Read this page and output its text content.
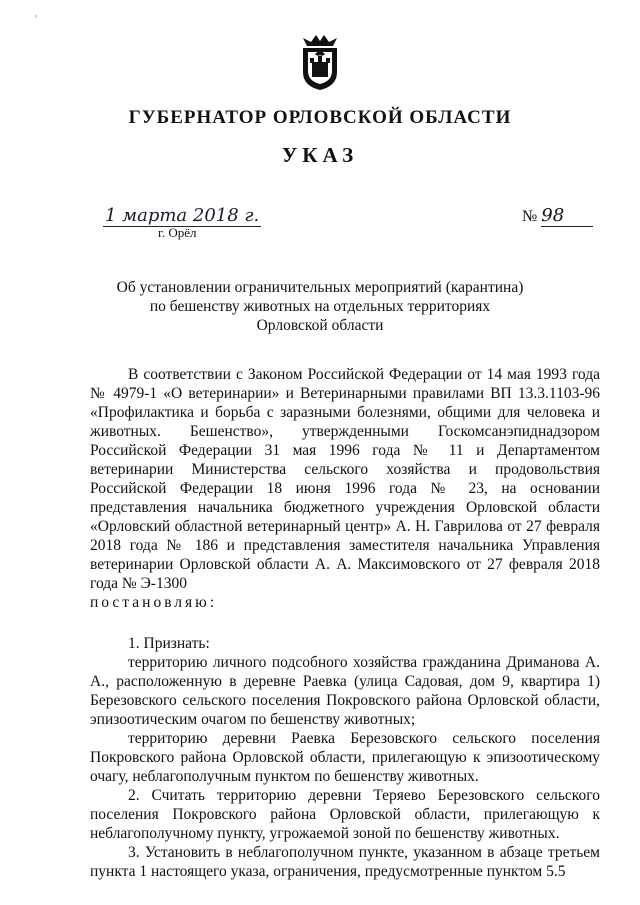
ᵋ
ГУБЕРНАТОР ОРЛОВСКОЙ ОБЛАСТИ
УКАЗ
1 марта 2018 г.
г. Орёл
№ 98
Об установлении ограничительных мероприятий (карантина)
по бешенству животных на отдельных территориях
Орловской области

В соответствии с Законом Российской Федерации от 14 мая 1993 года № 4979-1 «О ветеринарии» и Ветеринарными правилами ВП 13.3.1103-96 «Профилактика и борьба с заразными болезнями, общими для человека и животных. Бешенство», утвержденными Госкомсанэпиднадзором Российской Федерации 31 мая 1996 года № 11 и Департаментом ветеринарии Министерства сельского хозяйства и продовольствия Российской Федерации 18 июня 1996 года № 23, на основании представления начальника бюджетного учреждения Орловской области «Орловский областной ветеринарный центр» А. Н. Гаврилова от 27 февраля 2018 года № 186 и представления заместителя начальника Управления ветеринарии Орловской области А. А. Максимовского от 27 февраля 2018 года № Э-1300

постановляю:

1. Признать:

территорию личного подсобного хозяйства гражданина Дриманова А. А., расположенную в деревне Раевка (улица Садовая, дом 9, квартира 1) Березовского сельского поселения Покровского района Орловской области, эпизоотическим очагом по бешенству животных;

территорию деревни Раевка Березовского сельского поселения Покровского района Орловской области, прилегающую к эпизоотическому очагу, неблагополучным пунктом по бешенству животных.

2. Считать территорию деревни Теряево Березовского сельского поселения Покровского района Орловской области, прилегающую к неблагополучному пункту, угрожаемой зоной по бешенству животных.

3. Установить в неблагополучном пункте, указанном в абзаце третьем пункта 1 настоящего указа, ограничения, предусмотренные пунктом 5.5
